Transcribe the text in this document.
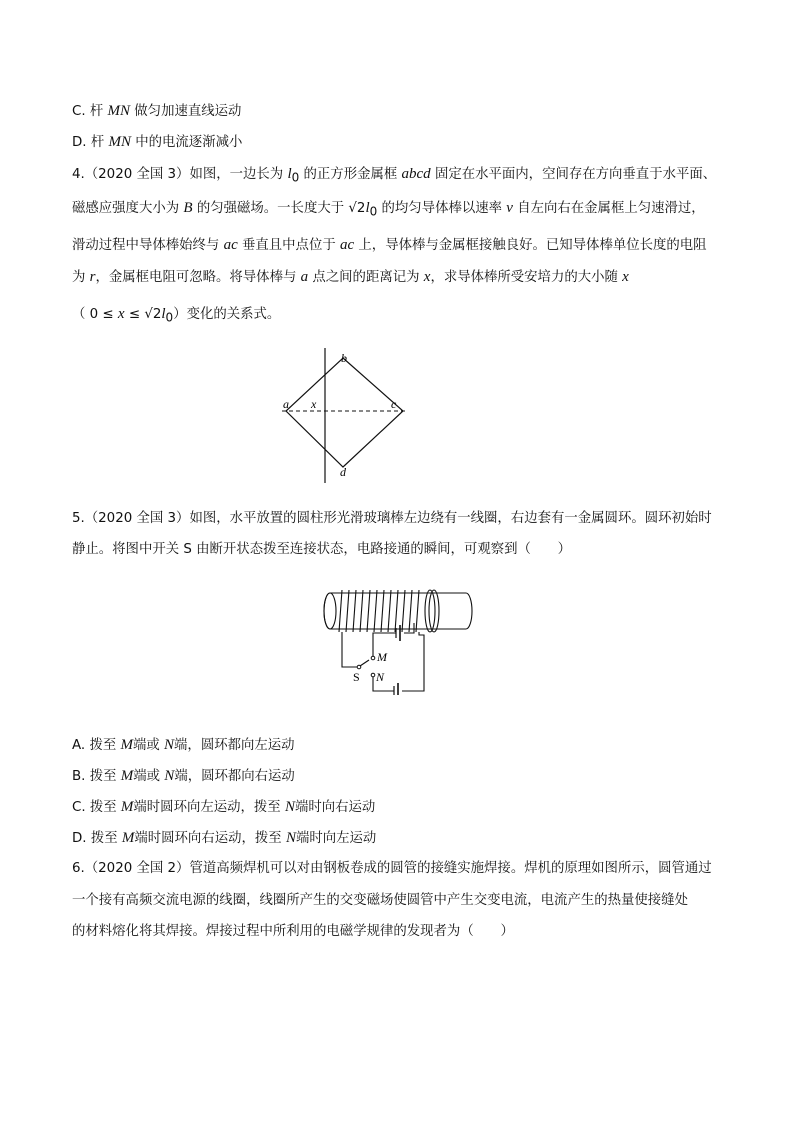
C. 杆 MN 做匀加速直线运动
D. 杆 MN 中的电流逐渐减小
4.（2020 全国 3）如图，一边长为 $l_0$ 的正方形金属框 abcd 固定在水平面内，空间存在方向垂直于水平面、
磁感应强度大小为 B 的匀强磁场。一长度大于 $√2l_0$ 的均匀导体棒以速率 v 自左向右在金属框上匀速滑过，
滑动过程中导体棒始终与 ac 垂直且中点位于 ac 上，导体棒与金属框接触良好。已知导体棒单位长度的电阻
为 r，金属框电阻可忽略。将导体棒与 a 点之间的距离记为 x，求导体棒所受安培力的大小随 x
（ $0 \le x \le √2l_0$）变化的关系式。
a
b
c
d
x
5.（2020 全国 3）如图，水平放置的圆柱形光滑玻璃棒左边绕有一线圈，右边套有一金属圆环。圆环初始时
静止。将图中开关 S 由断开状态拨至连接状态，电路接通的瞬间，可观察到（　　）
M
N
S
A. 拨至 M端或 N端，圆环都向左运动
B. 拨至 M端或 N端，圆环都向右运动
C. 拨至 M端时圆环向左运动，拨至 N端时向右运动
D. 拨至 M端时圆环向右运动，拨至 N端时向左运动
6.（2020 全国 2）管道高频焊机可以对由钢板卷成的圆管的接缝实施焊接。焊机的原理如图所示，圆管通过
一个接有高频交流电源的线圈，线圈所产生的交变磁场使圆管中产生交变电流，电流产生的热量使接缝处
的材料熔化将其焊接。焊接过程中所利用的电磁学规律的发现者为（　　）
